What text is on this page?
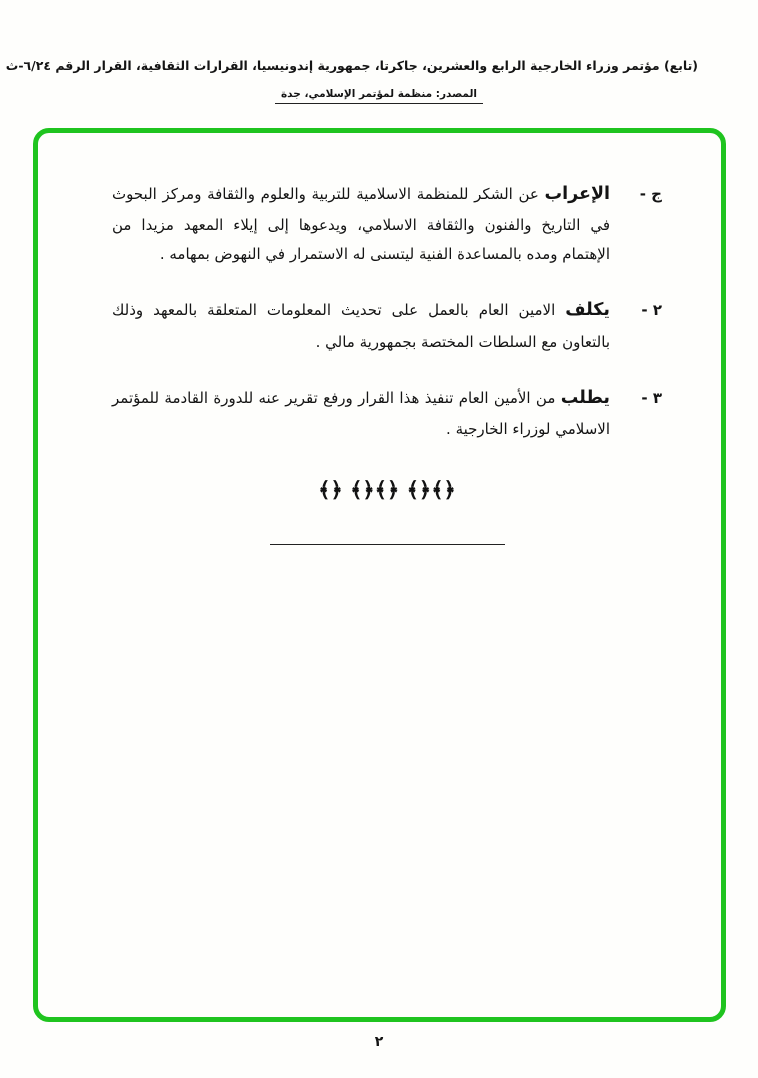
(تابع) مؤتمر وزراء الخارجية الرابع والعشرين، جاكرتا، جمهورية إندونيسيا، القرارات الثقافية، القرار الرقم ٦/٢٤-ث
المصدر: منظمة لمؤتمر الإسلامي، جدة
ج -
الإعراب عن الشكر للمنظمة الاسلامية للتربية والعلوم والثقافة ومركز البحوث في التاريخ والفنون والثقافة الاسلامي، ويدعوها إلى إيلاء المعهد مزيدا من الإهتمام ومده بالمساعدة الفنية ليتسنى له الاستمرار في النهوض بمهامه .
٢ -
يكلف الامين العام بالعمل على تحديث المعلومات المتعلقة بالمعهد وذلك بالتعاون مع السلطات المختصة بجمهورية مالي .
٣ -
يطلب من الأمين العام تنفيذ هذا القرار ورفع تقرير عنه للدورة القادمة للمؤتمر الاسلامي لوزراء الخارجية .
﴿﴾﴿﴾ ﴿﴾﴿﴾ ﴿﴾
٢
